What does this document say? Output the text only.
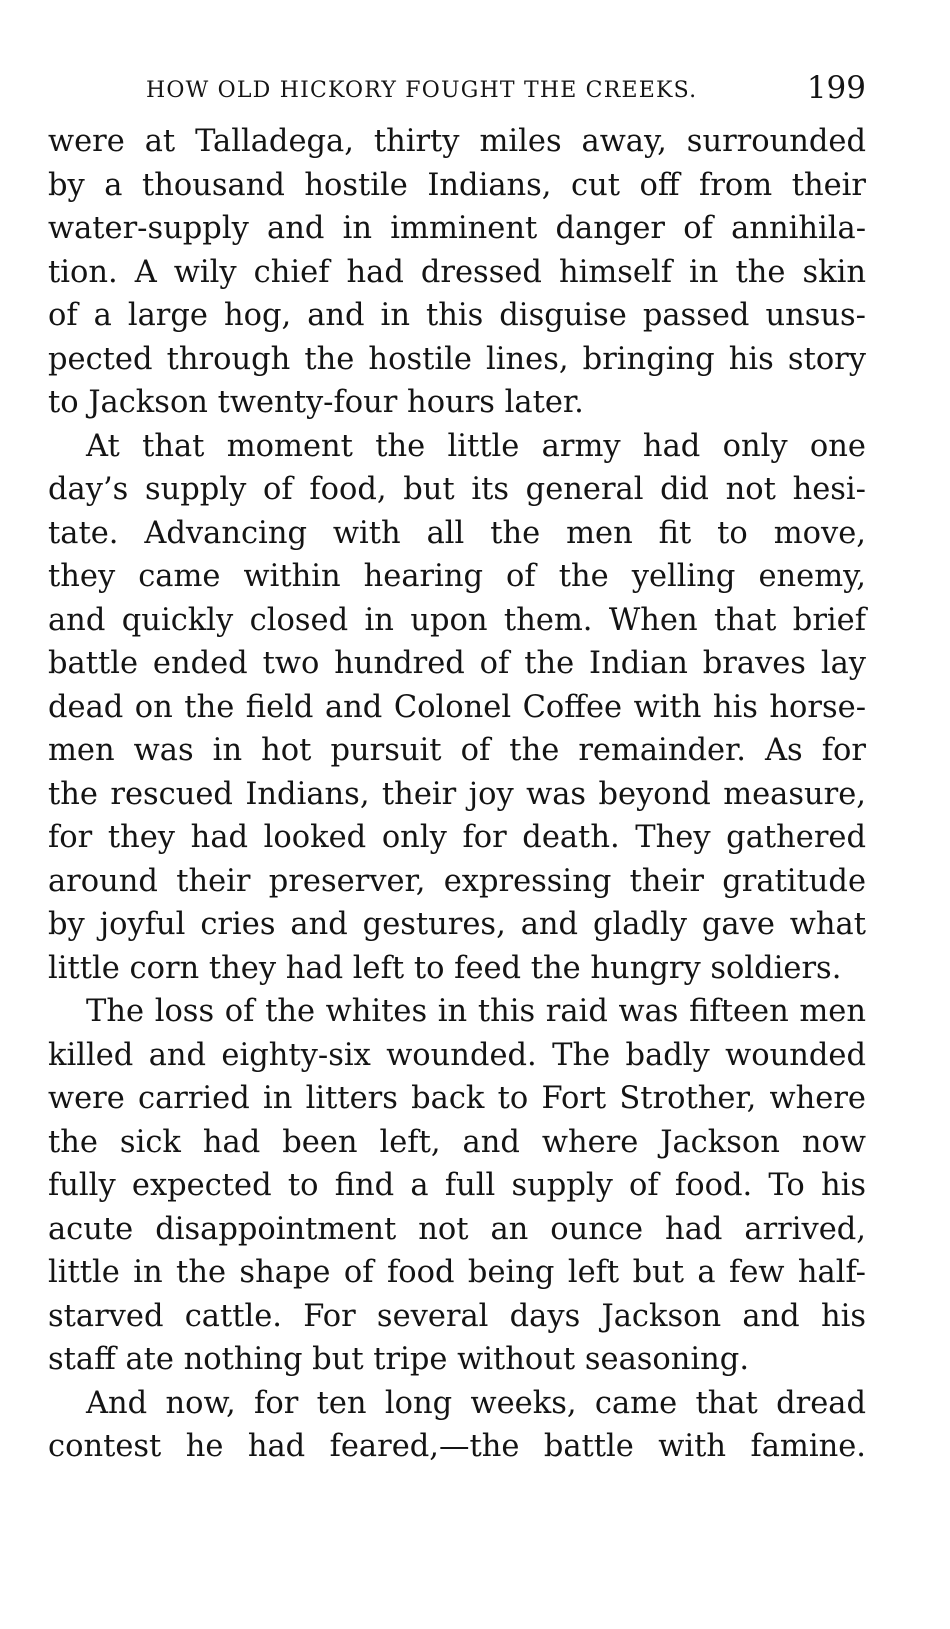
HOW OLD HICKORY FOUGHT THE CREEKS.	199
were at Talladega, thirty miles away, surrounded
by a thousand hostile Indians, cut off from their
water-supply and in imminent danger of annihila-
tion. A wily chief had dressed himself in the skin
of a large hog, and in this disguise passed unsus-
pected through the hostile lines, bringing his story
to Jackson twenty-four hours later.
At that moment the little army had only one
day’s supply of food, but its general did not hesi-
tate. Advancing with all the men fit to move,
they came within hearing of the yelling enemy,
and quickly closed in upon them. When that brief
battle ended two hundred of the Indian braves lay
dead on the field and Colonel Coffee with his horse-
men was in hot pursuit of the remainder. As for
the rescued Indians, their joy was beyond measure,
for they had looked only for death. They gathered
around their preserver, expressing their gratitude
by joyful cries and gestures, and gladly gave what
little corn they had left to feed the hungry soldiers.
The loss of the whites in this raid was fifteen men
killed and eighty-six wounded. The badly wounded
were carried in litters back to Fort Strother, where
the sick had been left, and where Jackson now
fully expected to find a full supply of food. To his
acute disappointment not an ounce had arrived,
little in the shape of food being left but a few half-
starved cattle. For several days Jackson and his
staff ate nothing but tripe without seasoning.
And now, for ten long weeks, came that dread
contest he had feared,—the battle with famine.
